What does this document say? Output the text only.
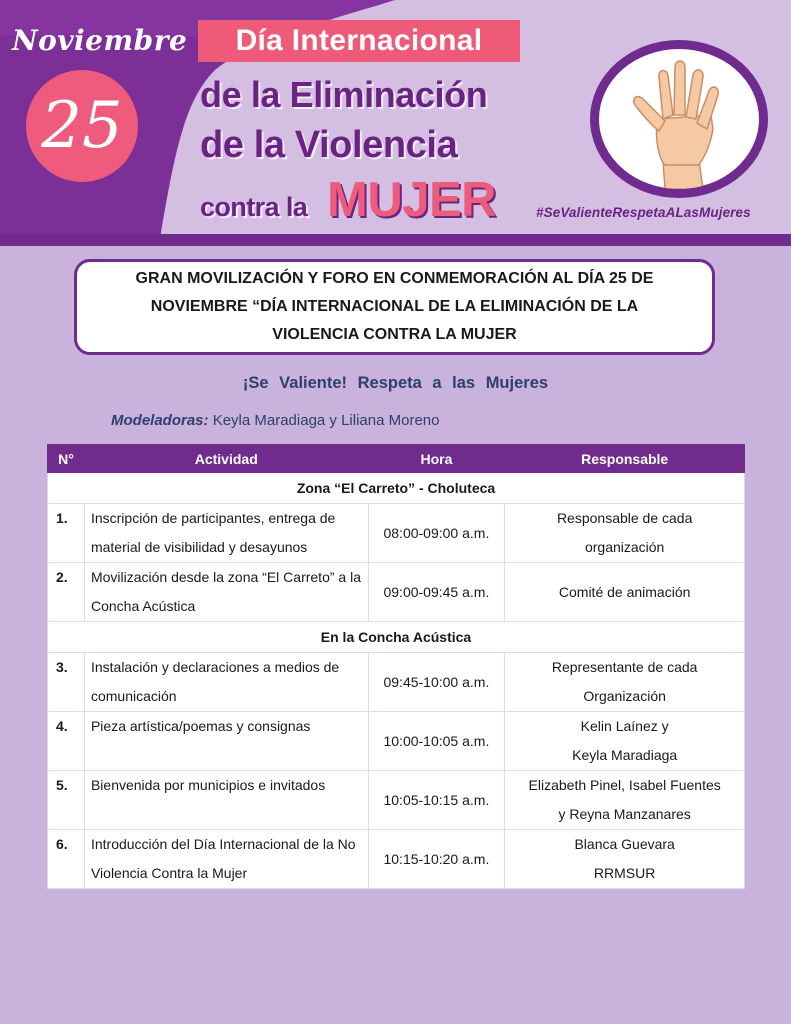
Noviembre
25
Día Internacional
de la Eliminación
de la Violencia
contra la MUJER	#SeValienteRespetaALasMujeres

GRAN MOVILIZACIÓN Y FORO EN CONMEMORACIÓN AL DÍA 25 DE
NOVIEMBRE “DÍA INTERNACIONAL DE LA ELIMINACIÓN DE LA
VIOLENCIA CONTRA LA MUJER

¡Se Valiente! Respeta a las Mujeres
Modeladoras: Keyla Maradiaga y Liliana Moreno
N°	Actividad	Hora	Responsable
Zona “El Carreto” - Choluteca			
1.	Inscripción de participantes, entrega de material de visibilidad y desayunos	08:00-09:00 a.m.	Responsable de cada
organización
2.	Movilización desde la zona “El Carreto” a la Concha Acústica	09:00-09:45 a.m.	Comité de animación
En la Concha Acústica			
3.	Instalación y declaraciones a medios de comunicación	09:45-10:00 a.m.	Representante de cada
Organización
4.	Pieza artística/poemas y consignas	10:00-10:05 a.m.	Kelin Laínez y
Keyla Maradiaga
5.	Bienvenida por municipios e invitados	10:05-10:15 a.m.	Elizabeth Pinel, Isabel Fuentes
y Reyna Manzanares
6.	Introducción del Día Internacional de la No Violencia Contra la Mujer	10:15-10:20 a.m.	Blanca Guevara
RRMSUR
